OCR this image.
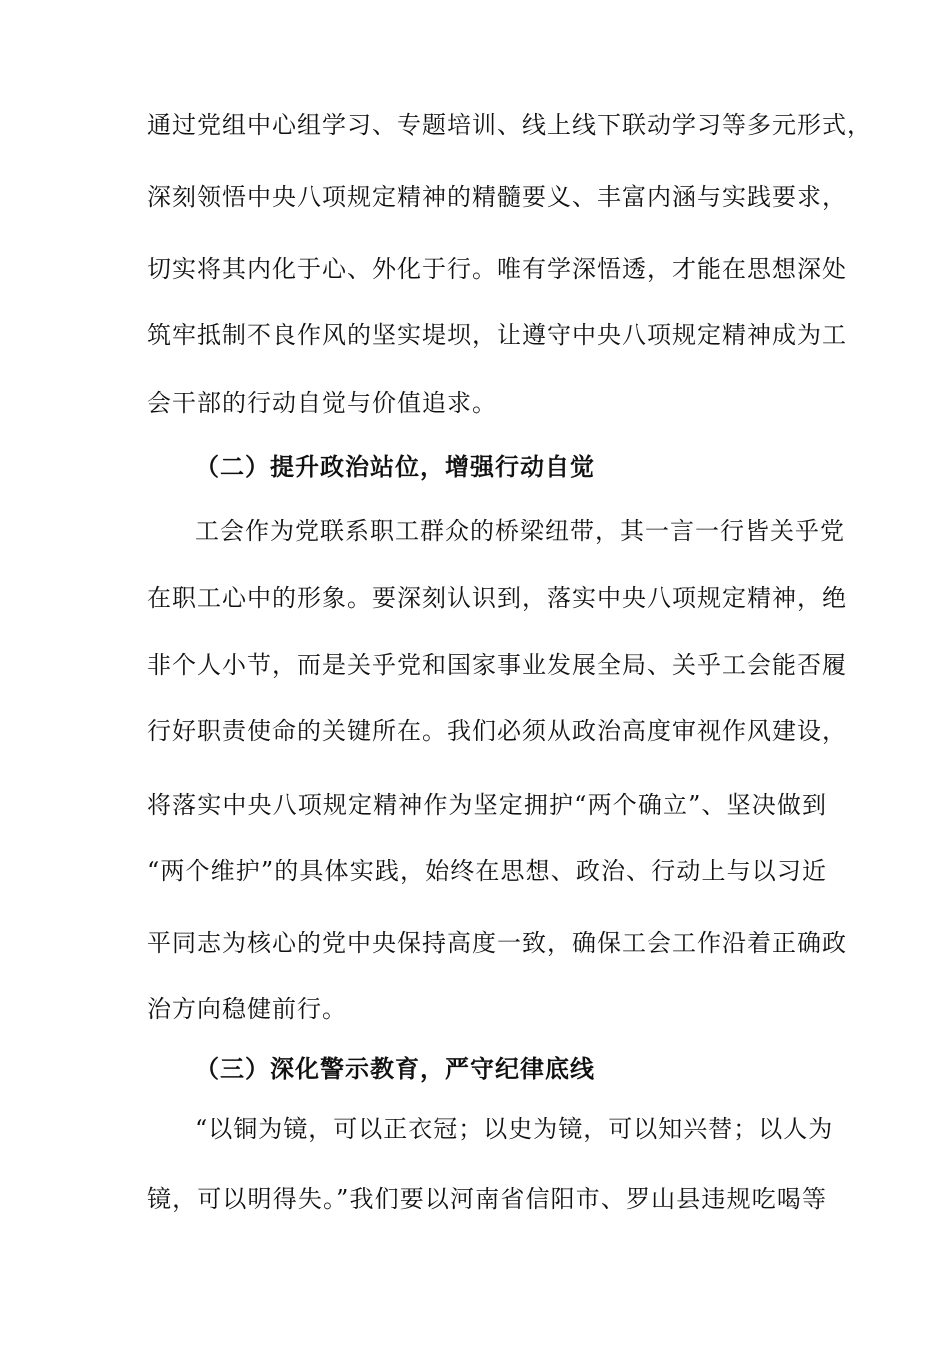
通过党组中心组学习、专题培训、线上线下联动学习等多元形式，
深刻领悟中央八项规定精神的精髓要义、丰富内涵与实践要求，
切实将其内化于心、外化于行。唯有学深悟透，才能在思想深处
筑牢抵制不良作风的坚实堤坝，让遵守中央八项规定精神成为工
会干部的行动自觉与价值追求。
（二）提升政治站位，增强行动自觉
工会作为党联系职工群众的桥梁纽带，其一言一行皆关乎党
在职工心中的形象。要深刻认识到，落实中央八项规定精神，绝
非个人小节，而是关乎党和国家事业发展全局、关乎工会能否履
行好职责使命的关键所在。我们必须从政治高度审视作风建设，
将落实中央八项规定精神作为坚定拥护“两个确立”、坚决做到
“两个维护”的具体实践，始终在思想、政治、行动上与以习近
平同志为核心的党中央保持高度一致，确保工会工作沿着正确政
治方向稳健前行。
（三）深化警示教育，严守纪律底线
“以铜为镜，可以正衣冠；以史为镜，可以知兴替；以人为
镜，可以明得失。”我们要以河南省信阳市、罗山县违规吃喝等
